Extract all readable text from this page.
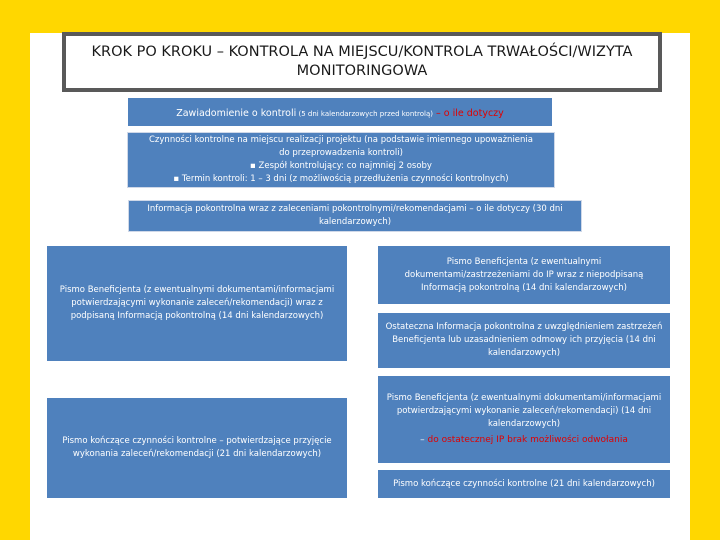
KROK PO KROKU – KONTROLA NA MIEJSCU/KONTROLA TRWAŁOŚCI/WIZYTA
MONITORINGOWA
Zawiadomienie o kontroli (5 dni kalendarzowych przed kontrolą) – o ile dotyczy
Czynności kontrolne na miejscu realizacji projektu (na podstawie imiennego upoważnienia
do przeprowadzenia kontroli)
▪ Zespół kontrolujący: co najmniej 2 osoby
▪ Termin kontroli: 1 – 3 dni (z możliwością przedłużenia czynności kontrolnych)
Informacja pokontrolna wraz z zaleceniami pokontrolnymi/rekomendacjami – o ile dotyczy (30 dni kalendarzowych)
Pismo Beneficjenta (z ewentualnymi dokumentami/informacjami potwierdzającymi wykonanie zaleceń/rekomendacji) wraz z podpisaną Informacją pokontrolną (14 dni kalendarzowych)
Pismo kończące czynności kontrolne – potwierdzające przyjęcie wykonania zaleceń/rekomendacji (21 dni kalendarzowych)
Pismo Beneficjenta (z ewentualnymi dokumentami/zastrzeżeniami do IP wraz z niepodpisaną Informacją pokontrolną (14 dni kalendarzowych)
Ostateczna Informacja pokontrolna z uwzględnieniem zastrzeżeń Beneficjenta lub uzasadnieniem odmowy ich przyjęcia (14 dni kalendarzowych)
Pismo Beneficjenta (z ewentualnymi dokumentami/informacjami potwierdzającymi wykonanie zaleceń/rekomendacji) (14 dni kalendarzowych)
– do ostatecznej IP brak możliwości odwołania
Pismo kończące czynności kontrolne (21 dni kalendarzowych)
